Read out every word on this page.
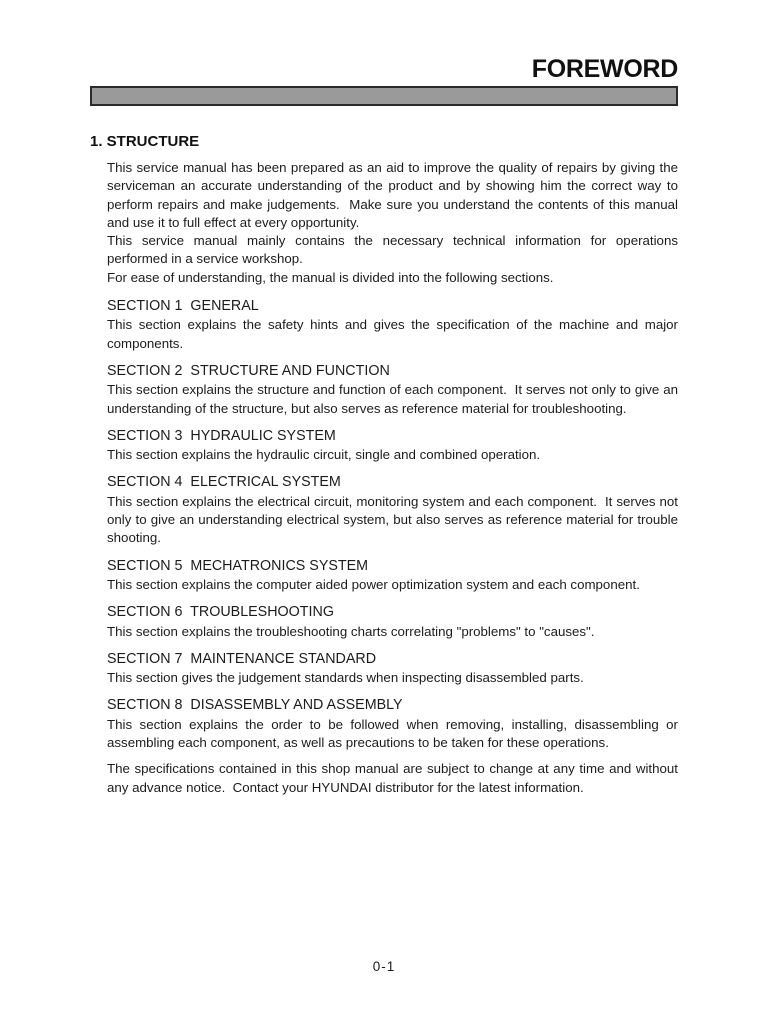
FOREWORD
1. STRUCTURE

This service manual has been prepared as an aid to improve the quality of repairs by giving the serviceman an accurate understanding of the product and by showing him the correct way to perform repairs and make judgements.  Make sure you understand the contents of this manual and use it to full effect at every opportunity.

This service manual mainly contains the necessary technical information for operations performed in a service workshop.

For ease of understanding, the manual is divided into the following sections.

SECTION 1  GENERAL

This section explains the safety hints and gives the specification of the machine and major components.

SECTION 2  STRUCTURE AND FUNCTION

This section explains the structure and function of each component.  It serves not only to give an understanding of the structure, but also serves as reference material for troubleshooting.

SECTION 3  HYDRAULIC SYSTEM

This section explains the hydraulic circuit, single and combined operation.

SECTION 4  ELECTRICAL SYSTEM

This section explains the electrical circuit, monitoring system and each component.  It serves not only to give an understanding electrical system, but also serves as reference material for trouble shooting.

SECTION 5  MECHATRONICS SYSTEM

This section explains the computer aided power optimization system and each component.

SECTION 6  TROUBLESHOOTING

This section explains the troubleshooting charts correlating "problems" to "causes".

SECTION 7  MAINTENANCE STANDARD

This section gives the judgement standards when inspecting disassembled parts.

SECTION 8  DISASSEMBLY AND ASSEMBLY

This section explains the order to be followed when removing, installing, disassembling or assembling each component, as well as precautions to be taken for these operations.

The specifications contained in this shop manual are subject to change at any time and without any advance notice.  Contact your HYUNDAI distributor for the latest information.

0-1
